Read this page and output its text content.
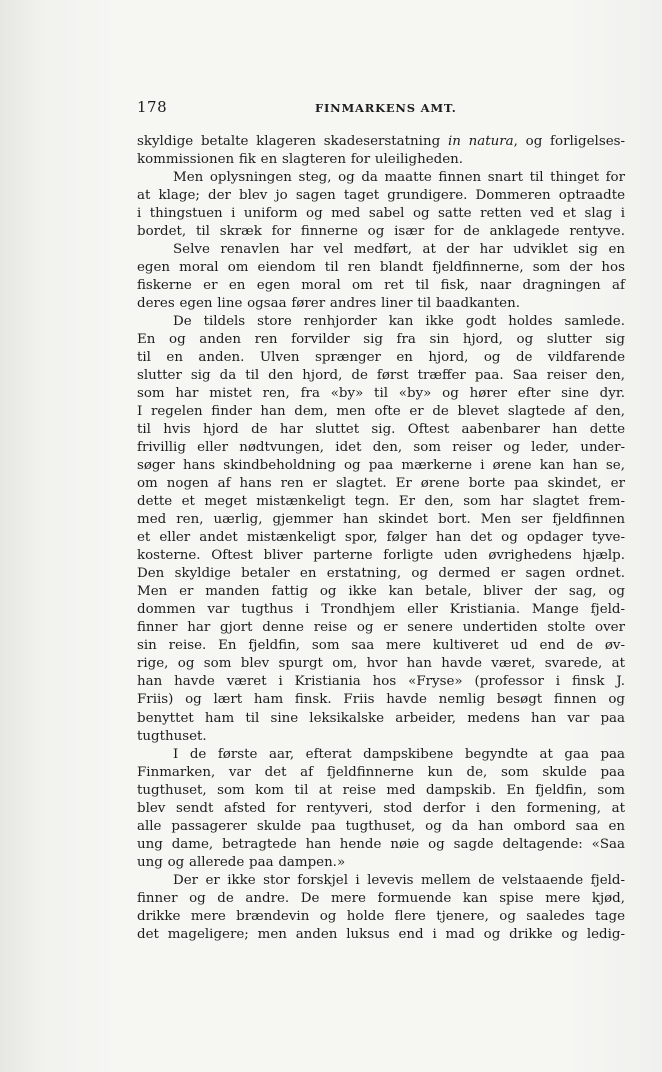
178	FINMARKENS AMT.
skyldige betalte klageren skadeserstatning in natura, og forligelses-
kommissionen fik en slagteren for uleiligheden.
Men oplysningen steg, og da maatte finnen snart til thinget for
at klage; der blev jo sagen taget grundigere. Dommeren optraadte
i thingstuen i uniform og med sabel og satte retten ved et slag i
bordet, til skræk for finnerne og især for de anklagede rentyve.
Selve renavlen har vel medført, at der har udviklet sig en
egen moral om eiendom til ren blandt fjeldfinnerne, som der hos
fiskerne er en egen moral om ret til fisk, naar dragningen af
deres egen line ogsaa fører andres liner til baadkanten.
De tildels store renhjorder kan ikke godt holdes samlede.
En og anden ren forvilder sig fra sin hjord, og slutter sig
til en anden. Ulven sprænger en hjord, og de vildfarende
slutter sig da til den hjord, de først træffer paa. Saa reiser den,
som har mistet ren, fra «by» til «by» og hører efter sine dyr.
I regelen finder han dem, men ofte er de blevet slagtede af den,
til hvis hjord de har sluttet sig. Oftest aabenbarer han dette
frivillig eller nødtvungen, idet den, som reiser og leder, under-
søger hans skindbeholdning og paa mærkerne i ørene kan han se,
om nogen af hans ren er slagtet. Er ørene borte paa skindet, er
dette et meget mistænkeligt tegn. Er den, som har slagtet frem-
med ren, uærlig, gjemmer han skindet bort. Men ser fjeldfinnen
et eller andet mistænkeligt spor, følger han det og opdager tyve-
kosterne. Oftest bliver parterne forligte uden øvrighedens hjælp.
Den skyldige betaler en erstatning, og dermed er sagen ordnet.
Men er manden fattig og ikke kan betale, bliver der sag, og
dommen var tugthus i Trondhjem eller Kristiania. Mange fjeld-
finner har gjort denne reise og er senere undertiden stolte over
sin reise. En fjeldfin, som saa mere kultiveret ud end de øv-
rige, og som blev spurgt om, hvor han havde været, svarede, at
han havde været i Kristiania hos «Fryse» (professor i finsk J.
Friis) og lært ham finsk. Friis havde nemlig besøgt finnen og
benyttet ham til sine leksikalske arbeider, medens han var paa
tugthuset.
I de første aar, efterat dampskibene begyndte at gaa paa
Finmarken, var det af fjeldfinnerne kun de, som skulde paa
tugthuset, som kom til at reise med dampskib. En fjeldfin, som
blev sendt afsted for rentyveri, stod derfor i den formening, at
alle passagerer skulde paa tugthuset, og da han ombord saa en
ung dame, betragtede han hende nøie og sagde deltagende: «Saa
ung og allerede paa dampen.»
Der er ikke stor forskjel i levevis mellem de velstaaende fjeld-
finner og de andre. De mere formuende kan spise mere kjød,
drikke mere brændevin og holde flere tjenere, og saaledes tage
det mageligere; men anden luksus end i mad og drikke og ledig-
